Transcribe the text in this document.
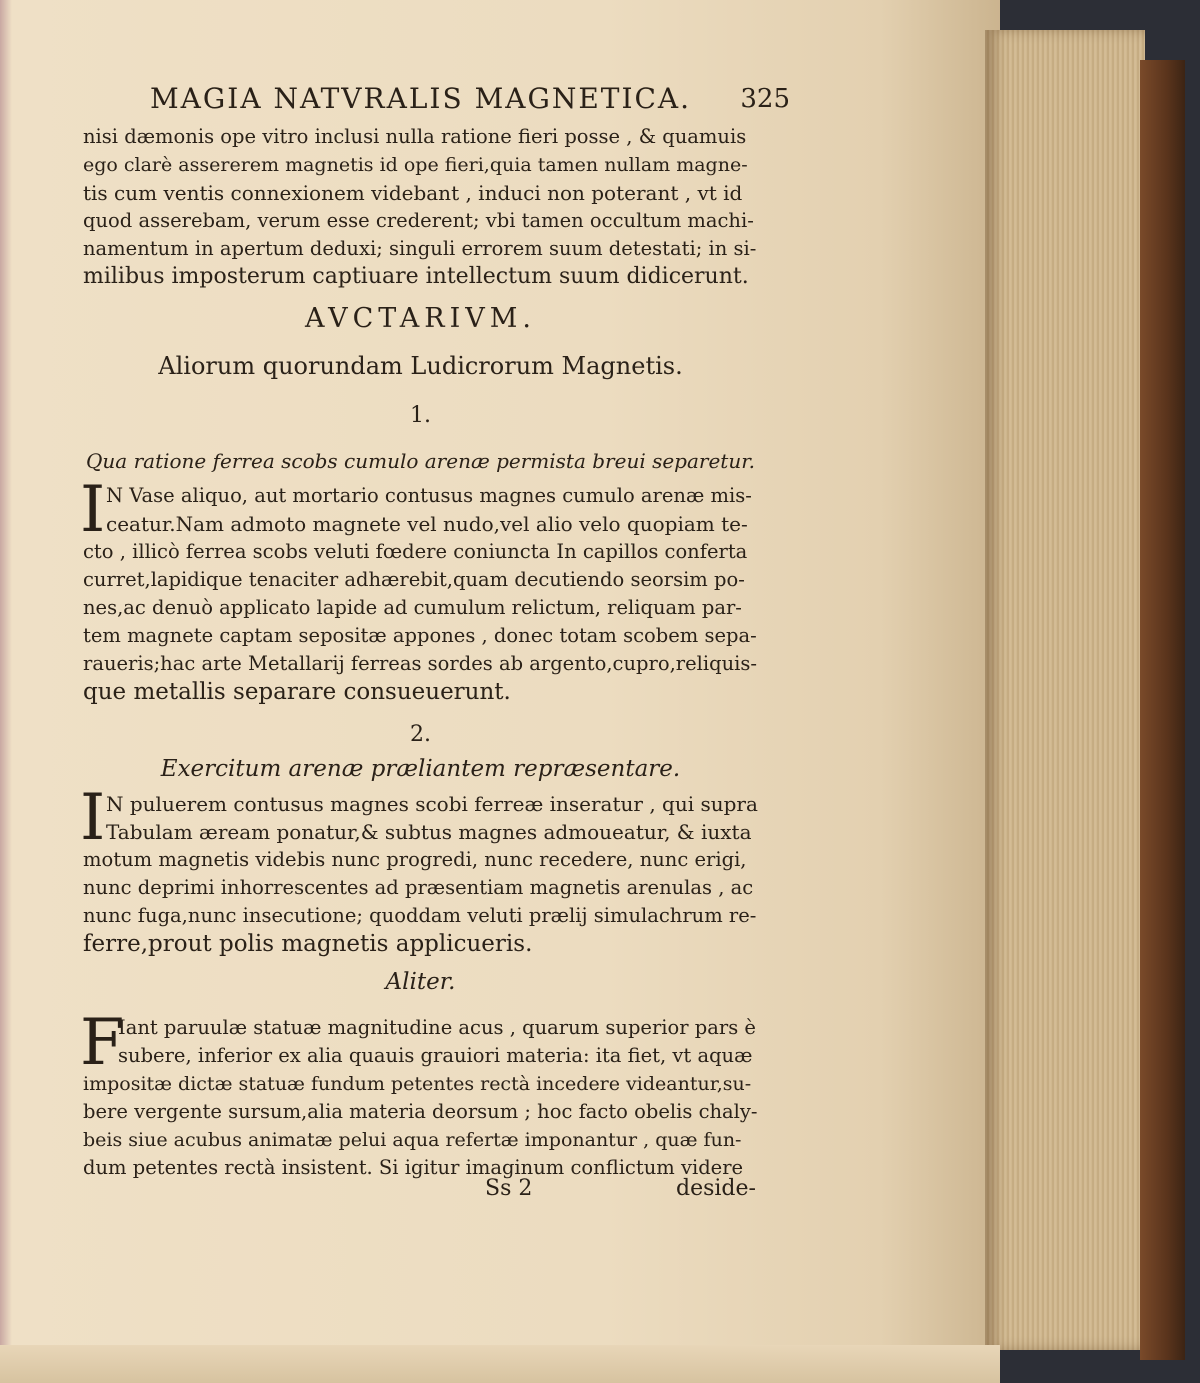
MAGIA NATVRALIS MAGNETICA. 325
nisi dæmonis ope vitro inclusi nulla ratione fieri posse , & quamuis
ego clarè assererem magnetis id ope fieri,quia tamen nullam magne-
tis cum ventis connexionem videbant , induci non poterant , vt id
quod asserebam, verum esse crederent; vbi tamen occultum machi-
namentum in apertum deduxi; singuli errorem suum detestati; in si-
milibus imposterum captiuare intellectum suum didicerunt.
AVCTARIVM.
Aliorum quorundam Ludicrorum Magnetis.
1.
Qua ratione ferrea scobs cumulo arenæ permista breui separetur.
I N Vase aliquo, aut mortario contusus magnes cumulo arenæ mis-
ceatur.Nam admoto magnete vel nudo,vel alio velo quopiam te-
cto , illicò ferrea scobs veluti fœdere coniuncta In capillos conferta
curret,lapidique tenaciter adhærebit,quam decutiendo seorsim po-
nes,ac denuò applicato lapide ad cumulum relictum, reliquam par-
tem magnete captam sepositæ appones , donec totam scobem sepa-
raueris;hac arte Metallarij ferreas sordes ab argento,cupro,reliquis-
que metallis separare consueuerunt.
2.
Exercitum arenæ præliantem repræsentare.
I N puluerem contusus magnes scobi ferreæ inseratur , qui supra
Tabulam æream ponatur,& subtus magnes admoueatur, & iuxta
motum magnetis videbis nunc progredi, nunc recedere, nunc erigi,
nunc deprimi inhorrescentes ad præsentiam magnetis arenulas , ac
nunc fuga,nunc insecutione; quoddam veluti prælij simulachrum re-
ferre,prout polis magnetis applicueris.
Aliter.
F
Iant paruulæ statuæ magnitudine acus , quarum superior pars è
subere, inferior ex alia quauis grauiori materia: ita fiet, vt aquæ
impositæ dictæ statuæ fundum petentes rectà incedere videantur,su-
bere vergente sursum,alia materia deorsum ; hoc facto obelis chaly-
beis siue acubus animatæ pelui aqua refertæ imponantur , quæ fun-
dum petentes rectà insistent. Si igitur imaginum conflictum videre
Ss 2	deside-
